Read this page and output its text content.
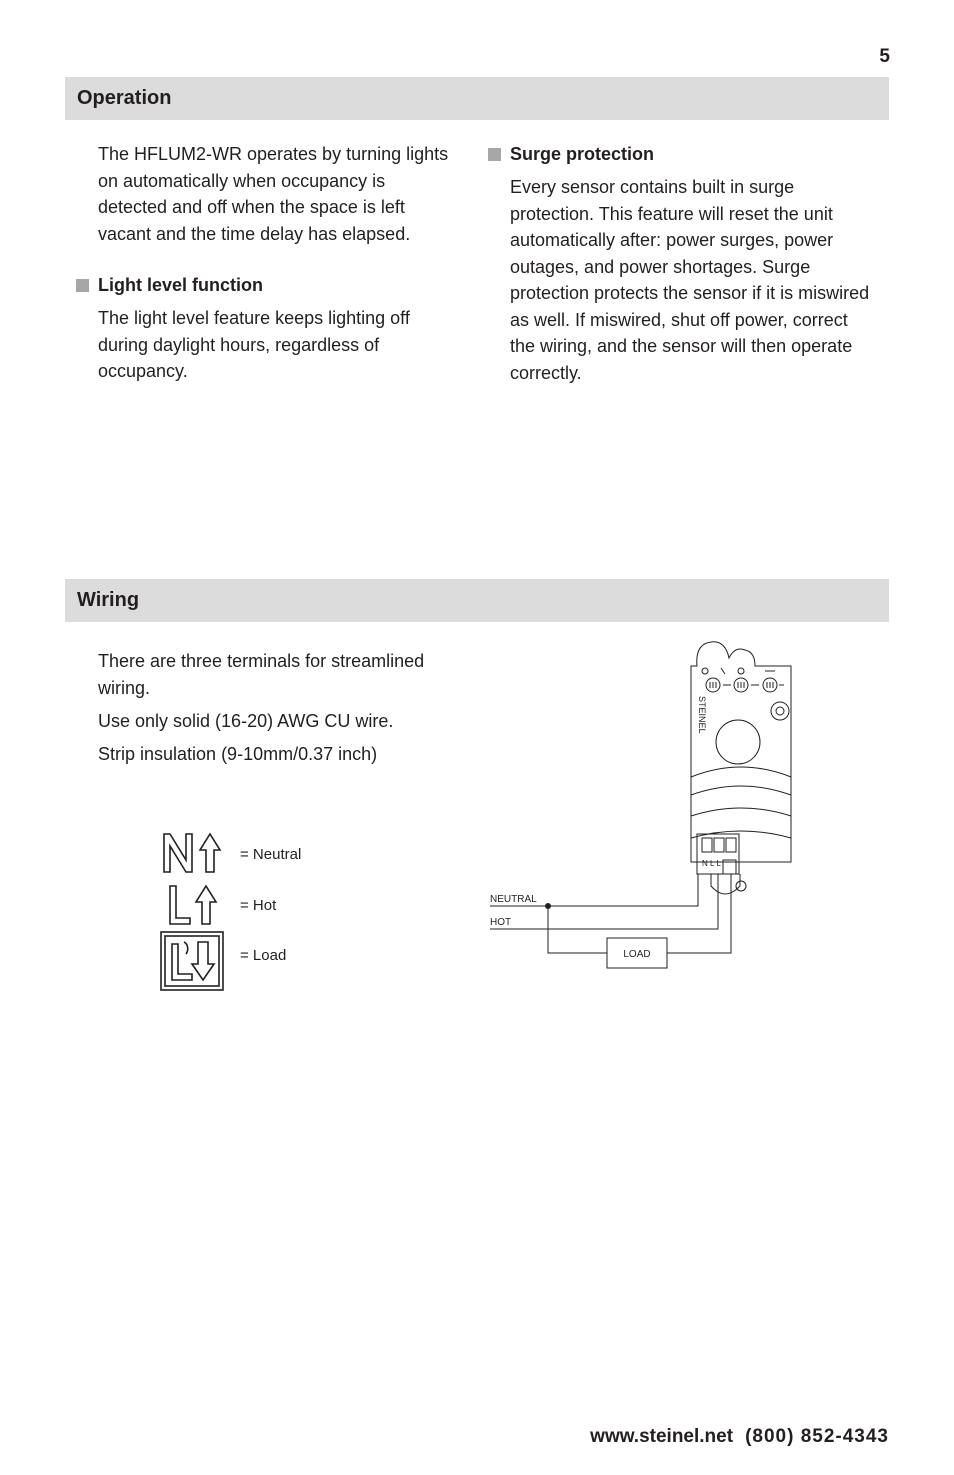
5
Operation

The HFLUM2-WR operates by turning lights on automatically when occupancy is detected and off when the space is left vacant and the time delay has elapsed.

Light level function

The light level feature keeps lighting off during daylight hours, regardless of occupancy.

Surge protection

Every sensor contains built in surge protection. This feature will reset the unit automatically after: power surges, power outages, and power shortages. Surge protection protects the sensor if it is miswired as well. If miswired, shut off power, correct the wiring, and the sensor will then operate correctly.

Wiring

There are three terminals for streamlined wiring.

Use only solid (16-20) AWG CU wire.

Strip insulation (9-10mm/0.37 inch)

= Neutral
= Hot
= Load
N L L
STEINEL
NEUTRAL
HOT
LOAD
www.steinel.net (800) 852-4343
